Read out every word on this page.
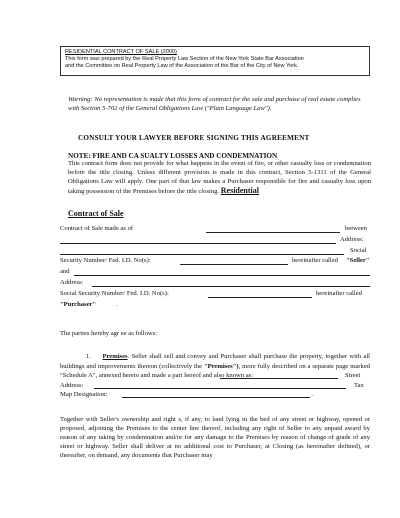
RESIDENTIAL CONTRACT OF SALE (2000)
This form was prepared by the Real Property Law Section of the New York State Bar Association
and the Committee on Real Property Law of the Association of the Bar of the City of New York.
Warning: No representation is made that this form of contract for the sale and purchase of real estate complies with Section 5-702 of the General Obligations Law ("Plain Language Law").
CONSULT YOUR LAWYER BEFORE SIGNING THIS AGREEMENT
NOTE: FIRE AND CA SUALTY LOSSES AND CONDEMNATION
This contract form does not provide for what happens in the event of fire, or other casualty loss or condemnation before the title closing. Unless different provision is made in this contract, Section 5-1311 of the General Obligations Law will apply. One part of that law makes a Purchaser responsible for fire and casualty loss upon taking possession of the Premises before the title closing. Residential
Contract of Sale
Contract of Sale made as of	between
Address:
Social
Security Number/ Fed. I.D. No(s):	hereinafter called "Seller"
and
Address:
Social Security Number/ Fed. I.D. No(s):	hereinafter called
"Purchaser"	.
The parties hereby agr ee as follows:
1. Premises. Seller shall sell and convey and Purchaser shall purchase the property, together with all buildings and improvements thereon (collectively the "Premises"), more fully described on a separate page marked "Schedule A", annexed hereto and made a part hereof and also known as:	Street
Address:	Tax
Map Designation:	.
Together with Seller's ownership and right s, if any, to land lying in the bed of any street or highway, opened or proposed, adjoining the Premises to the center line thereof, including any right of Seller to any unpaid award by reason of any taking by condemnation and/or for any damage to the Premises by reason of change of grade of any street or highway. Seller shall deliver at no additional cost to Purchaser, at Closing (as hereinafter defined), or thereafter, on demand, any documents that Purchaser may
